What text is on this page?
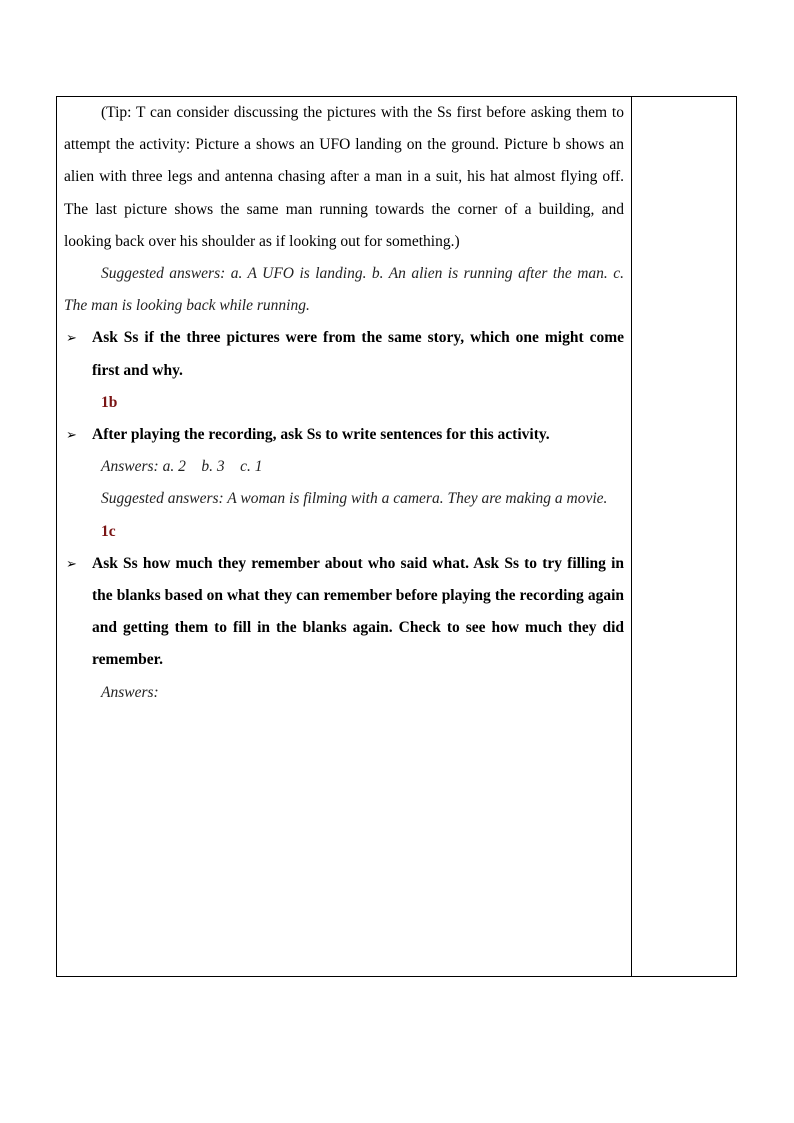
(Tip: T can consider discussing the pictures with the Ss first before asking them to attempt the activity: Picture a shows an UFO landing on the ground. Picture b shows an alien with three legs and antenna chasing after a man in a suit, his hat almost flying off. The last picture shows the same man running towards the corner of a building, and looking back over his shoulder as if looking out for something.)

Suggested answers: a. A UFO is landing. b. An alien is running after the man. c. The man is looking back while running.

➢ Ask Ss if the three pictures were from the same story, which one might come first and why.

1b

➢ After playing the recording, ask Ss to write sentences for this activity.

Answers: a. 2    b. 3    c. 1

Suggested answers: A woman is filming with a camera. They are making a movie.

1c

➢ Ask Ss how much they remember about who said what. Ask Ss to try filling in the blanks based on what they can remember before playing the recording again and getting them to fill in the blanks again. Check to see how much they did remember.

Answers:
